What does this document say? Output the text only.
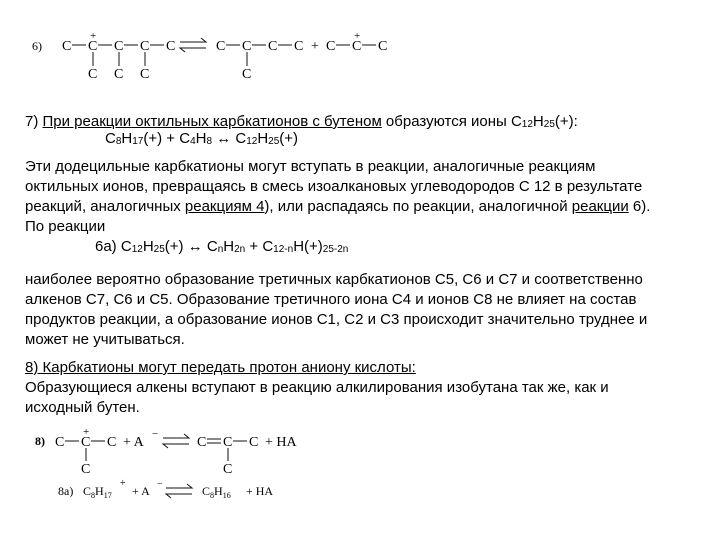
6) C
+
C C C C
C C C
C C C C
C
+ C
+
C C
7) При реакции октильных карбкатионов с бутеном образуются ионы С12Н25(+):
С8Н17(+) + С4Н8 ↔ С12Н25(+)
Эти додецильные карбкатионы могут вступать в реакции, аналогичные реакциям
октильных ионов, превращаясь в смесь изоалкановых углеводородов С 12 в результате
реакций, аналогичных реакциям 4), или распадаясь по реакции, аналогичной реакции 6).
По реакции
6а) С12Н25(+) ↔ СnН2n + С12-nН(+)25-2n
наиболее вероятно образование третичных карбкатионов С5, С6 и С7 и соответственно
алкенов С7, С6 и С5. Образование третичного иона С4 и ионов С8 не влияет на состав
продуктов реакции, а образование ионов С1, С2 и С3 происходит значительно труднее и
может не учитываться.
8) Карбкатионы могут передать протон аниону кислоты:
Образующиеся алкены вступают в реакцию алкилирования изобутана так же, как и
исходный бутен.
8) C
+
C C
C
+ A
−
C C C
C
+ HA
8а) $C_8H_{17}$
+
+ A −	$C_8H_{16}$ + HA
